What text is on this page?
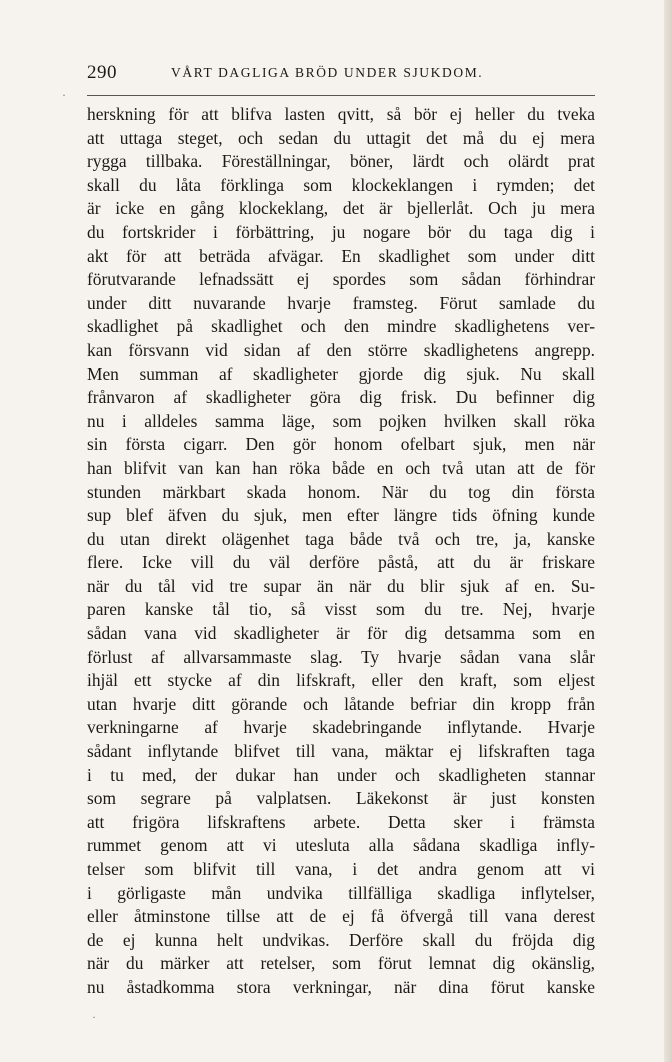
290	VÅRT DAGLIGA BRÖD UNDER SJUKDOM.
·
·
herskning för att blifva lasten qvitt, så bör ej heller du tveka
att uttaga steget, och sedan du uttagit det må du ej mera
rygga tillbaka. Föreställningar, böner, lärdt och olärdt prat
skall du låta förklinga som klockeklangen i rymden; det
är icke en gång klockeklang, det är bjellerlåt. Och ju mera
du fortskrider i förbättring, ju nogare bör du taga dig i
akt för att beträda afvägar. En skadlighet som under ditt
förutvarande lefnadssätt ej spordes som sådan förhindrar
under ditt nuvarande hvarje framsteg. Förut samlade du
skadlighet på skadlighet och den mindre skadlighetens ver-
kan försvann vid sidan af den större skadlighetens angrepp.
Men summan af skadligheter gjorde dig sjuk. Nu skall
frånvaron af skadligheter göra dig frisk. Du befinner dig
nu i alldeles samma läge, som pojken hvilken skall röka
sin första cigarr. Den gör honom ofelbart sjuk, men när
han blifvit van kan han röka både en och två utan att de för
stunden märkbart skada honom. När du tog din första
sup blef äfven du sjuk, men efter längre tids öfning kunde
du utan direkt olägenhet taga både två och tre, ja, kanske
flere. Icke vill du väl derföre påstå, att du är friskare
när du tål vid tre supar än när du blir sjuk af en. Su-
paren kanske tål tio, så visst som du tre. Nej, hvarje
sådan vana vid skadligheter är för dig detsamma som en
förlust af allvarsammaste slag. Ty hvarje sådan vana slår
ihjäl ett stycke af din lifskraft, eller den kraft, som eljest
utan hvarje ditt görande och låtande befriar din kropp från
verkningarne af hvarje skadebringande inflytande. Hvarje
sådant inflytande blifvet till vana, mäktar ej lifskraften taga
i tu med, der dukar han under och skadligheten stannar
som segrare på valplatsen. Läkekonst är just konsten
att frigöra lifskraftens arbete. Detta sker i främsta
rummet genom att vi utesluta alla sådana skadliga infly-
telser som blifvit till vana, i det andra genom att vi
i görligaste mån undvika tillfälliga skadliga inflytelser,
eller åtminstone tillse att de ej få öfvergå till vana derest
de ej kunna helt undvikas. Derföre skall du fröjda dig
när du märker att retelser, som förut lemnat dig okänslig,
nu åstadkomma stora verkningar, när dina förut kanske
